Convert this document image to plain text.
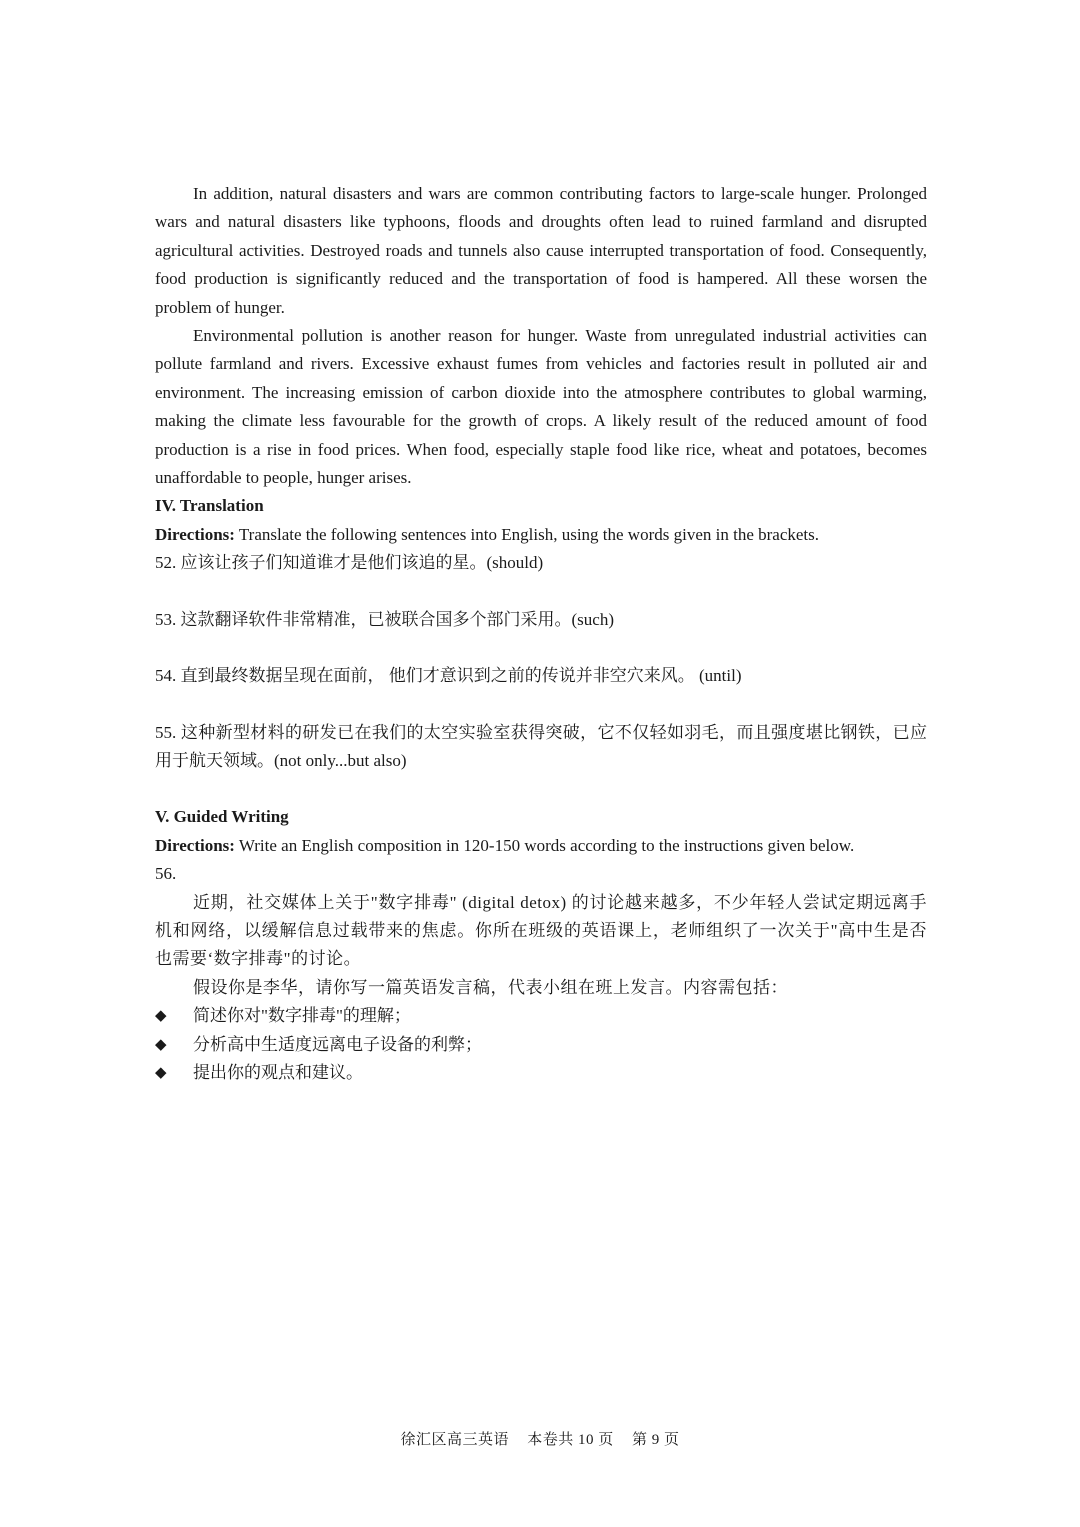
In addition, natural disasters and wars are common contributing factors to large-scale hunger. Prolonged wars and natural disasters like typhoons, floods and droughts often lead to ruined farmland and disrupted agricultural activities. Destroyed roads and tunnels also cause interrupted transportation of food. Consequently, food production is significantly reduced and the transportation of food is hampered. All these worsen the problem of hunger.

Environmental pollution is another reason for hunger. Waste from unregulated industrial activities can pollute farmland and rivers. Excessive exhaust fumes from vehicles and factories result in polluted air and environment. The increasing emission of carbon dioxide into the atmosphere contributes to global warming, making the climate less favourable for the growth of crops. A likely result of the reduced amount of food production is a rise in food prices. When food, especially staple food like rice, wheat and potatoes, becomes unaffordable to people, hunger arises.

IV. Translation

Directions: Translate the following sentences into English, using the words given in the brackets.

52. 应该让孩子们知道谁才是他们该追的星。(should)

53. 这款翻译软件非常精准，已被联合国多个部门采用。(such)

54. 直到最终数据呈现在面前， 他们才意识到之前的传说并非空穴来风。 (until)

55. 这种新型材料的研发已在我们的太空实验室获得突破，它不仅轻如羽毛，而且强度堪比钢铁，已应用于航天领域。(not only...but also)

V. Guided Writing

Directions: Write an English composition in 120-150 words according to the instructions given below.

56.

近期，社交媒体上关于"数字排毒" (digital detox) 的讨论越来越多，不少年轻人尝试定期远离手机和网络，以缓解信息过载带来的焦虑。你所在班级的英语课上，老师组织了一次关于"高中生是否也需要‘数字排毒"的讨论。

假设你是李华，请你写一篇英语发言稿，代表小组在班上发言。内容需包括：

◆	简述你对"数字排毒"的理解；
◆	分析高中生适度远离电子设备的利弊；
◆	提出你的观点和建议。
徐汇区高三英语 本卷共 10 页 第 9 页
